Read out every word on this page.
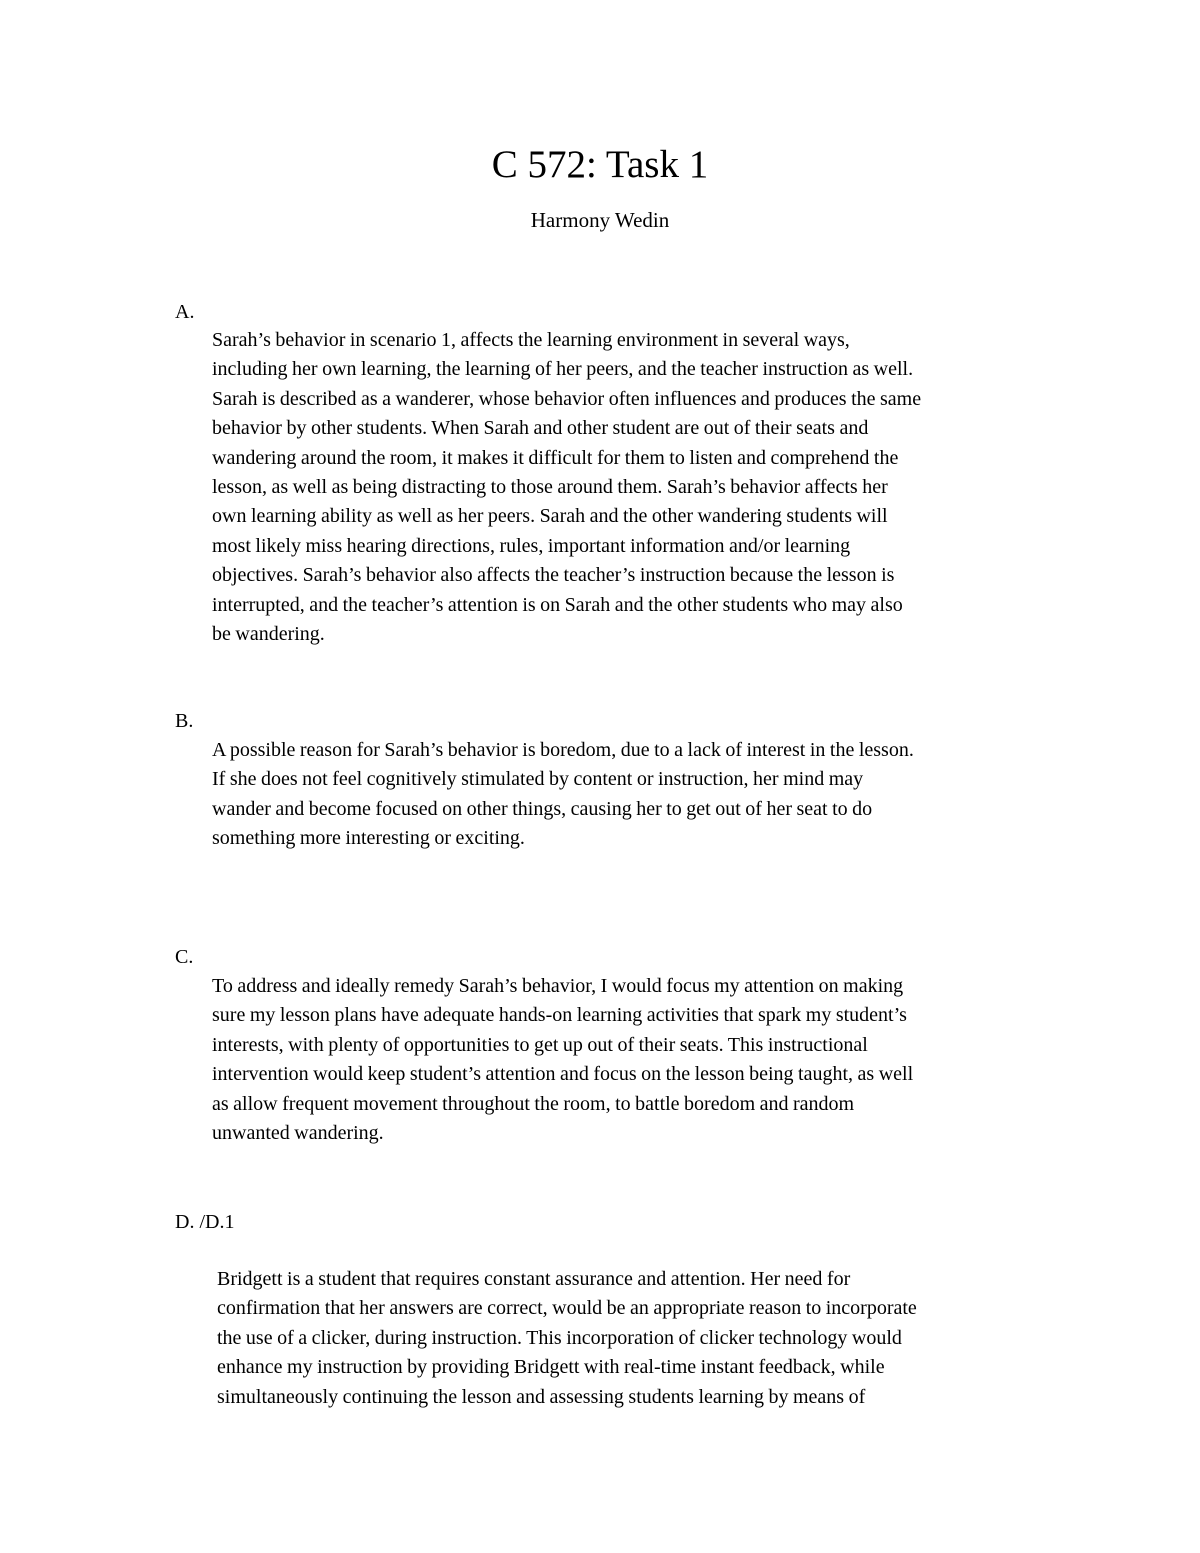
C 572: Task 1
Harmony Wedin
A.
Sarah’s behavior in scenario 1, affects the learning environment in several ways,
including her own learning, the learning of her peers, and the teacher instruction as well.
Sarah is described as a wanderer, whose behavior often influences and produces the same
behavior by other students. When Sarah and other student are out of their seats and
wandering around the room, it makes it difficult for them to listen and comprehend the
lesson, as well as being distracting to those around them. Sarah’s behavior affects her
own learning ability as well as her peers. Sarah and the other wandering students will
most likely miss hearing directions, rules, important information and/or learning
objectives. Sarah’s behavior also affects the teacher’s instruction because the lesson is
interrupted, and the teacher’s attention is on Sarah and the other students who may also
be wandering.
B.
A possible reason for Sarah’s behavior is boredom, due to a lack of interest in the lesson.
If she does not feel cognitively stimulated by content or instruction, her mind may
wander and become focused on other things, causing her to get out of her seat to do
something more interesting or exciting.
C.
To address and ideally remedy Sarah’s behavior, I would focus my attention on making
sure my lesson plans have adequate hands-on learning activities that spark my student’s
interests, with plenty of opportunities to get up out of their seats. This instructional
intervention would keep student’s attention and focus on the lesson being taught, as well
as allow frequent movement throughout the room, to battle boredom and random
unwanted wandering.
D. /D.1
Bridgett is a student that requires constant assurance and attention. Her need for
confirmation that her answers are correct, would be an appropriate reason to incorporate
the use of a clicker, during instruction. This incorporation of clicker technology would
enhance my instruction by providing Bridgett with real-time instant feedback, while
simultaneously continuing the lesson and assessing students learning by means of
